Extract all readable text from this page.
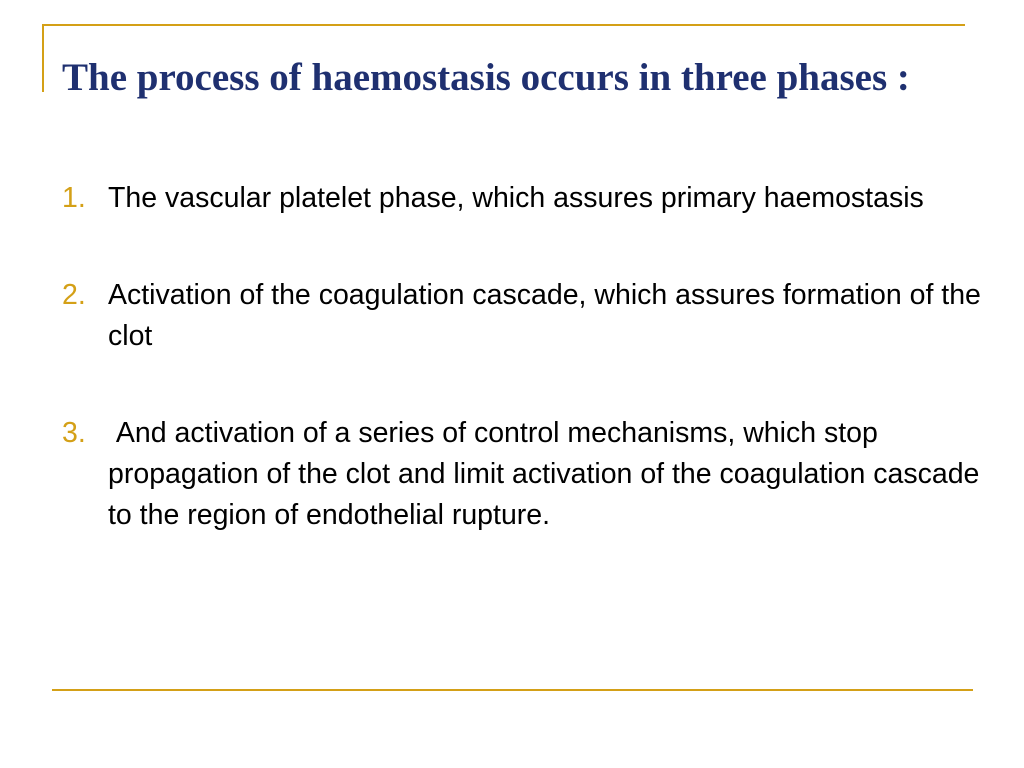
The process of haemostasis occurs in three phases :
1. The vascular platelet phase, which assures primary haemostasis
2. Activation of the coagulation cascade, which assures formation of the clot
3. And activation of a series of control mechanisms, which stop propagation of the clot and limit activation of the coagulation cascade to the region of endothelial rupture.
